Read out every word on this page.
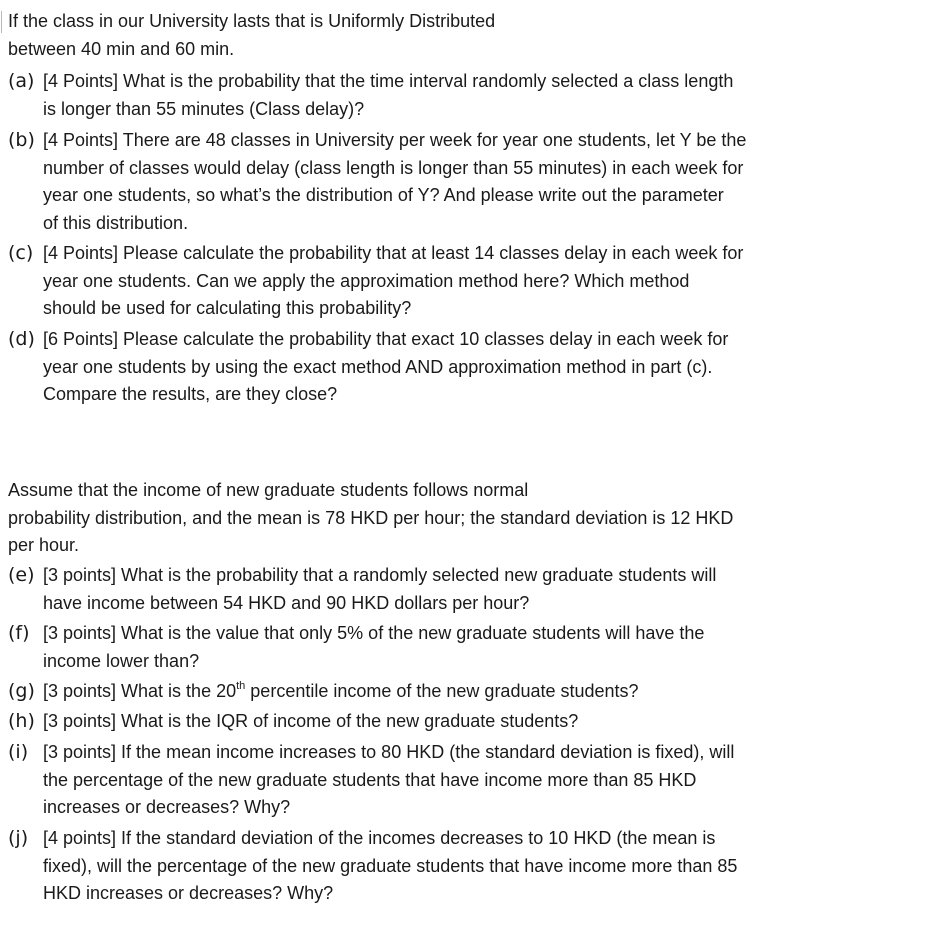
If the class in our University lasts that is Uniformly Distributed
between 40 min and 60 min.
(a) [4 Points] What is the probability that the time interval randomly selected a class length
is longer than 55 minutes (Class delay)?
(b) [4 Points] There are 48 classes in University per week for year one students, let Y be the
number of classes would delay (class length is longer than 55 minutes) in each week for
year one students, so what’s the distribution of Y? And please write out the parameter
of this distribution.
(c) [4 Points] Please calculate the probability that at least 14 classes delay in each week for
year one students. Can we apply the approximation method here? Which method
should be used for calculating this probability?
(d) [6 Points] Please calculate the probability that exact 10 classes delay in each week for
year one students by using the exact method AND approximation method in part (c).
Compare the results, are they close?
Assume that the income of new graduate students follows normal
probability distribution, and the mean is 78 HKD per hour; the standard deviation is 12 HKD
per hour.
(e) [3 points] What is the probability that a randomly selected new graduate students will
have income between 54 HKD and 90 HKD dollars per hour?
(f) [3 points] What is the value that only 5% of the new graduate students will have the
income lower than?
(g) [3 points] What is the 20th percentile income of the new graduate students?
(h) [3 points] What is the IQR of income of the new graduate students?
(i) [3 points] If the mean income increases to 80 HKD (the standard deviation is fixed), will
the percentage of the new graduate students that have income more than 85 HKD
increases or decreases? Why?
(j) [4 points] If the standard deviation of the incomes decreases to 10 HKD (the mean is
fixed), will the percentage of the new graduate students that have income more than 85
HKD increases or decreases? Why?
